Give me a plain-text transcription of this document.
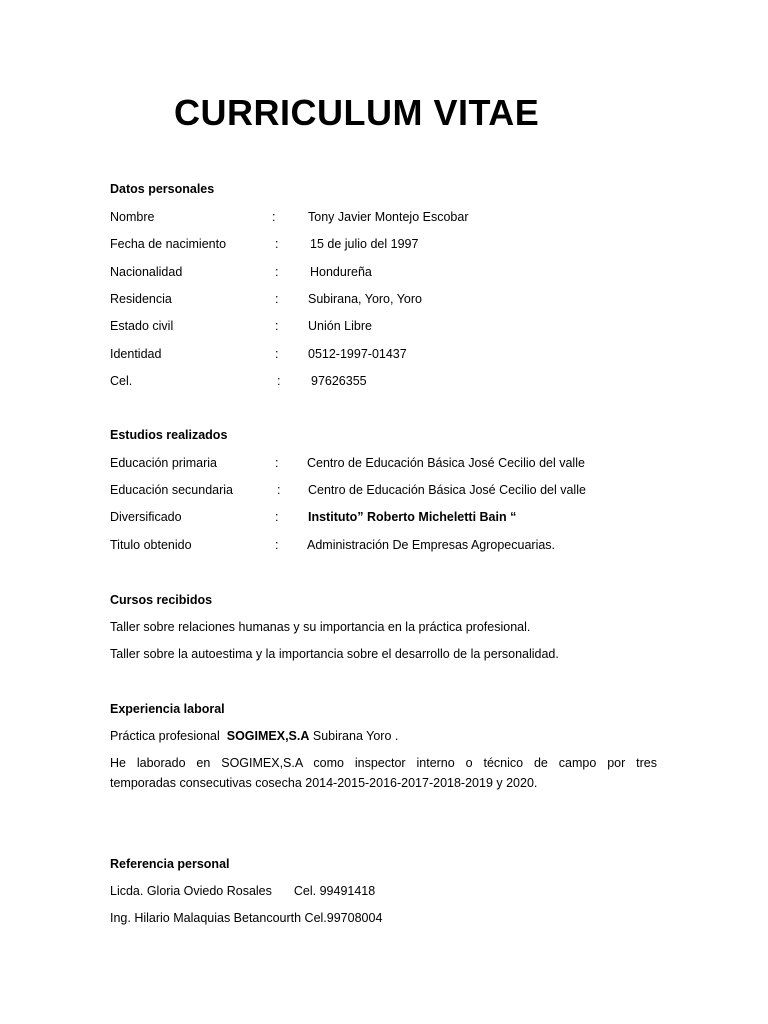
CURRICULUM VITAE
Datos personales
Nombre	:	Tony Javier Montejo Escobar
Fecha de nacimiento	:	15 de julio del 1997
Nacionalidad	:	Hondureña
Residencia	: Subirana, Yoro, Yoro
Estado civil	: Unión Libre
Identidad	: 0512-1997-01437
Cel.	: 97626355
Estudios realizados
Educación primaria	: Centro de Educación Básica José Cecilio del valle
Educación secundaria	: Centro de Educación Básica José Cecilio del valle
Diversificado	: Instituto” Roberto Micheletti Bain “
Titulo obtenido	: Administración De Empresas Agropecuarias.
Cursos recibidos
Taller sobre relaciones humanas y su importancia en la práctica profesional.
Taller sobre la autoestima y la importancia sobre el desarrollo de la personalidad.
Experiencia laboral
Práctica profesional SOGIMEX,S.A Subirana Yoro .
He laborado en SOGIMEX,S.A como inspector interno o técnico de campo por tres
temporadas consecutivas cosecha 2014-2015-2016-2017-2018-2019 y 2020.
Referencia personal
Licda. Gloria Oviedo Rosales Cel. 99491418
Ing. Hilario Malaquias Betancourth Cel.99708004
